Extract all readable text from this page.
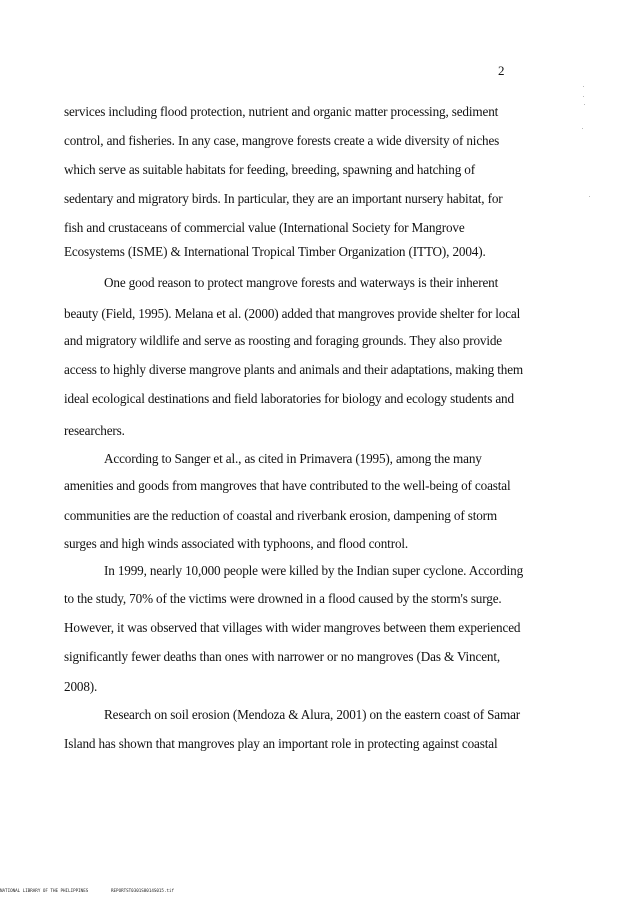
2
services including flood protection, nutrient and organic matter processing, sediment
control, and fisheries. In any case, mangrove forests create a wide diversity of niches
which serve as suitable habitats for feeding, breeding, spawning and hatching of
sedentary and migratory birds. In particular, they are an important nursery habitat, for
fish and crustaceans of commercial value (International Society for Mangrove
Ecosystems (ISME) & International Tropical Timber Organization (ITTO), 2004).
One good reason to protect mangrove forests and waterways is their inherent
beauty (Field, 1995). Melana et al. (2000) added that mangroves provide shelter for local
and migratory wildlife and serve as roosting and foraging grounds. They also provide
access to highly diverse mangrove plants and animals and their adaptations, making them
ideal ecological destinations and field laboratories for biology and ecology students and
researchers.
According to Sanger et al., as cited in Primavera (1995), among the many
amenities and goods from mangroves that have contributed to the well-being of coastal
communities are the reduction of coastal and riverbank erosion, dampening of storm
surges and high winds associated with typhoons, and flood control.
In 1999, nearly 10,000 people were killed by the Indian super cyclone. According
to the study, 70% of the victims were drowned in a flood caused by the storm's surge.
However, it was observed that villages with wider mangroves between them experienced
significantly fewer deaths than ones with narrower or no mangroves (Das & Vincent,
2008).
Research on soil erosion (Mendoza & Alura, 2001) on the eastern coast of Samar
Island has shown that mangroves play an important role in protecting against coastal
NATIONAL LIBRARY OF THE PHILIPPINES	REPORTST0301S8014S015.tif
